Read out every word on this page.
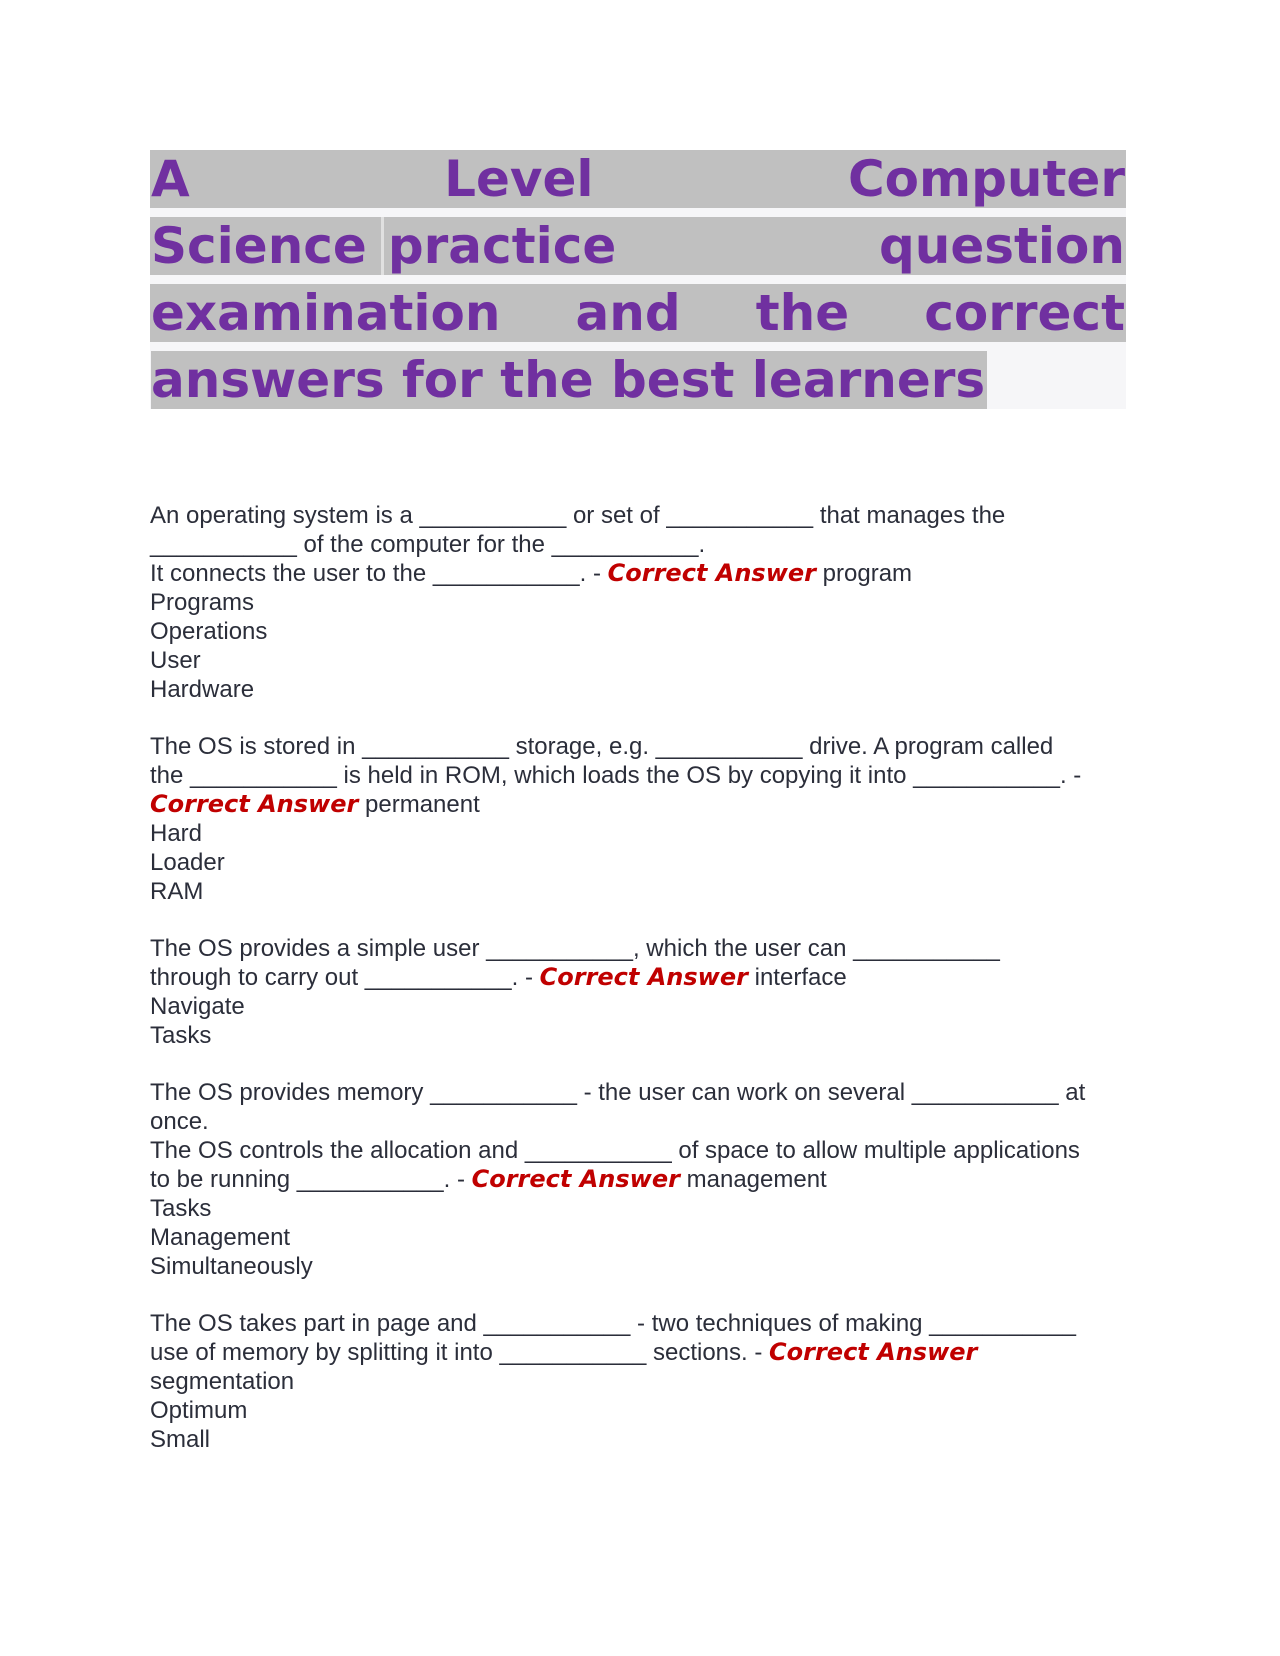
A	Level	Computer
Science practice	question
examination and the correct
answers for the best learners

An operating system is a ___________ or set of ___________ that manages the
___________ of the computer for the ___________.
It connects the user to the ___________. - Correct Answer program

Programs

Operations

User

Hardware

The OS is stored in ___________ storage, e.g. ___________ drive. A program called
the ___________ is held in ROM, which loads the OS by copying it into ___________. -
Correct Answer permanent

Hard

Loader

RAM

The OS provides a simple user ___________, which the user can ___________
through to carry out ___________. - Correct Answer interface

Navigate

Tasks

The OS provides memory ___________ - the user can work on several ___________ at
once.
The OS controls the allocation and ___________ of space to allow multiple applications
to be running ___________. - Correct Answer management

Tasks

Management

Simultaneously

The OS takes part in page and ___________ - two techniques of making ___________
use of memory by splitting it into ___________ sections. - Correct Answer
segmentation

Optimum

Small
